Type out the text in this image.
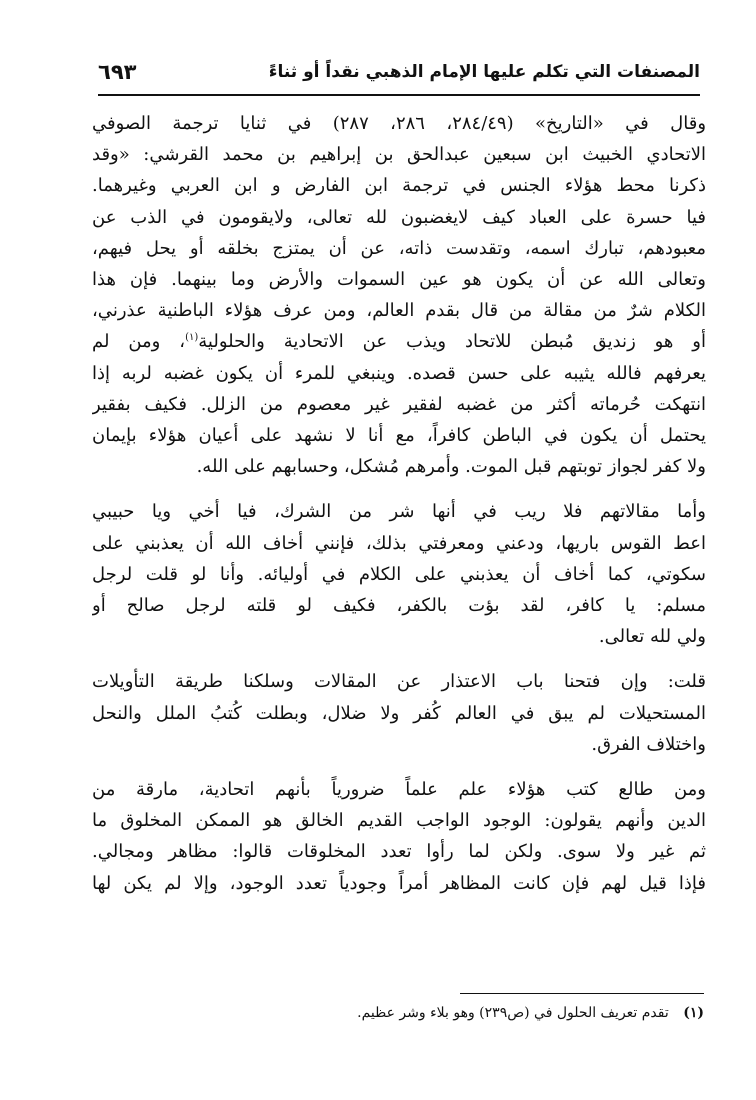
المصنفات التي تكلم عليها الإمام الذهبي نقداً أو ثناءً
٦٩٣
وقال في «التاريخ» (٢٨٤/٤٩، ٢٨٦، ٢٨٧) في ثنايا ترجمة الصوفي
الاتحادي الخبيث ابن سبعين عبدالحق بن إبراهيم بن محمد القرشي: «وقد
ذكرنا محط هؤلاء الجنس في ترجمة ابن الفارض و ابن العربي وغيرهما.
فيا حسرة على العباد كيف لايغضبون لله تعالى، ولايقومون في الذب عن
معبودهم، تبارك اسمه، وتقدست ذاته، عن أن يمتزج بخلقه أو يحل فيهم،
وتعالى الله عن أن يكون هو عين السموات والأرض وما بينهما. فإن هذا
الكلام شرٌ من مقالة من قال بقدم العالم، ومن عرف هؤلاء الباطنية عذرني،
أو هو زنديق مُبطن للاتحاد ويذب عن الاتحادية والحلولية$^{(١)}$، ومن لم
يعرفهم فالله يثيبه على حسن قصده. وينبغي للمرء أن يكون غضبه لربه إذا
انتهكت حُرماته أكثر من غضبه لفقير غير معصوم من الزلل. فكيف بفقير
يحتمل أن يكون في الباطن كافراً، مع أنا لا نشهد على أعيان هؤلاء بإيمان
ولا كفر لجواز توبتهم قبل الموت. وأمرهم مُشكل، وحسابهم على الله.
وأما مقالاتهم فلا ريب في أنها شر من الشرك، فيا أخي ويا حبيبي
اعط القوس باريها، ودعني ومعرفتي بذلك، فإنني أخاف الله أن يعذبني على
سكوتي، كما أخاف أن يعذبني على الكلام في أوليائه. وأنا لو قلت لرجل
مسلم: يا كافر، لقد بؤت بالكفر، فكيف لو قلته لرجل صالح أو
ولي لله تعالى.
قلت: وإن فتحنا باب الاعتذار عن المقالات وسلكنا طريقة التأويلات
المستحيلات لم يبق في العالم كُفر ولا ضلال، وبطلت كُتبُ الملل والنحل
واختلاف الفرق.
ومن طالع كتب هؤلاء علم علماً ضرورياً بأنهم اتحادية، مارقة من
الدين وأنهم يقولون: الوجود الواجب القديم الخالق هو الممكن المخلوق ما
ثم غير ولا سوى. ولكن لما رأوا تعدد المخلوقات قالوا: مظاهر ومجالي.
فإذا قيل لهم فإن كانت المظاهر أمراً وجودياً تعدد الوجود، وإلا لم يكن لها
(١) تقدم تعريف الحلول في (ص٢٣٩) وهو بلاء وشر عظيم.
